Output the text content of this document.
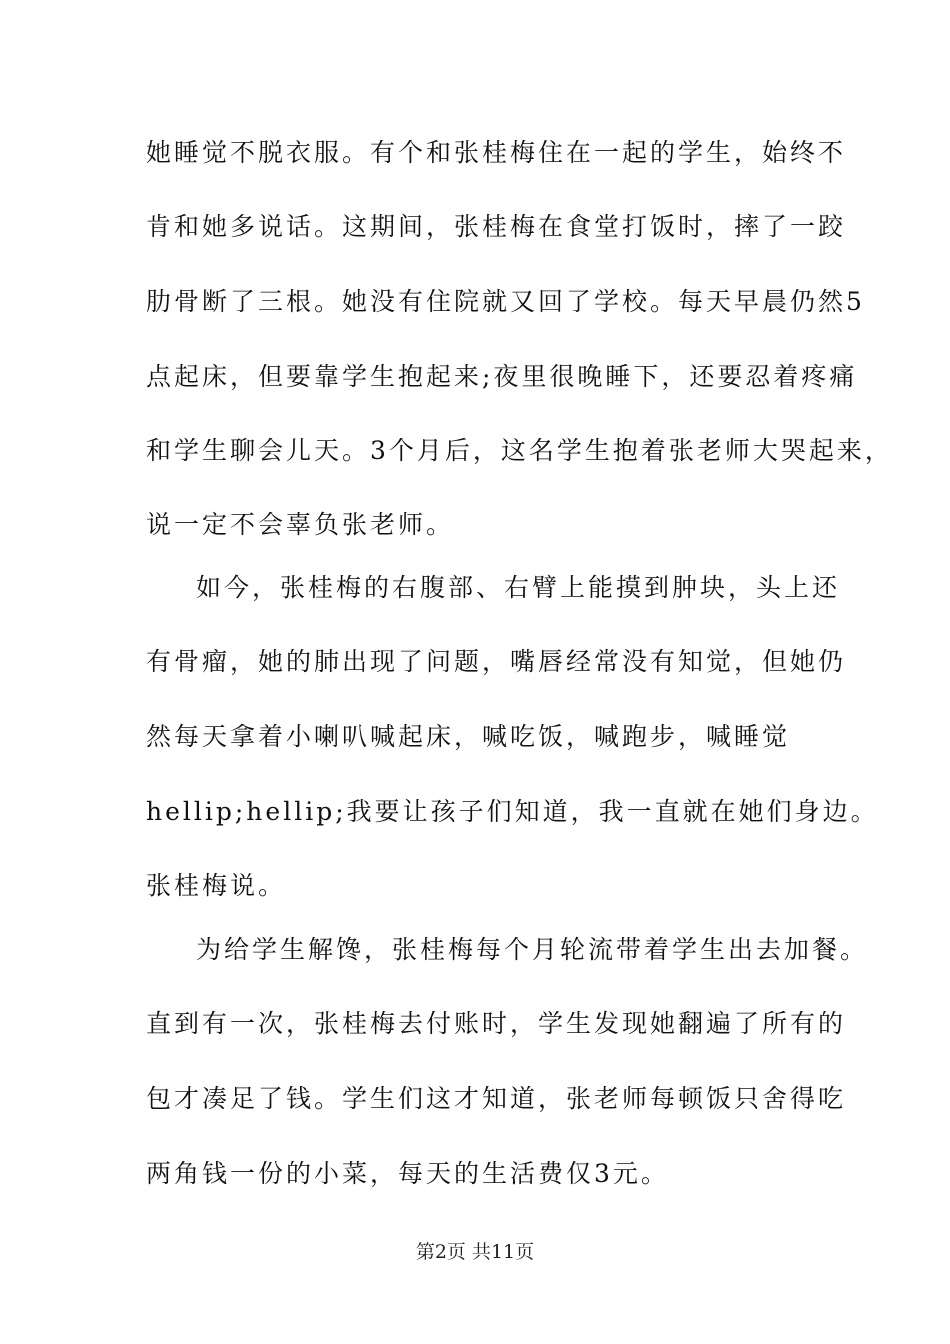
她睡觉不脱衣服。有个和张桂梅住在一起的学生，始终不
肯和她多说话。这期间，张桂梅在食堂打饭时，摔了一跤
肋骨断了三根。她没有住院就又回了学校。每天早晨仍然5
点起床，但要靠学生抱起来;夜里很晚睡下，还要忍着疼痛
和学生聊会儿天。3个月后，这名学生抱着张老师大哭起来，
说一定不会辜负张老师。
如今，张桂梅的右腹部、右臂上能摸到肿块，头上还
有骨瘤，她的肺出现了问题，嘴唇经常没有知觉，但她仍
然每天拿着小喇叭喊起床，喊吃饭，喊跑步，喊睡觉
hellip;hellip;我要让孩子们知道，我一直就在她们身边。
张桂梅说。
为给学生解馋，张桂梅每个月轮流带着学生出去加餐。
直到有一次，张桂梅去付账时，学生发现她翻遍了所有的
包才凑足了钱。学生们这才知道，张老师每顿饭只舍得吃
两角钱一份的小菜，每天的生活费仅3元。
第2页 共11页
